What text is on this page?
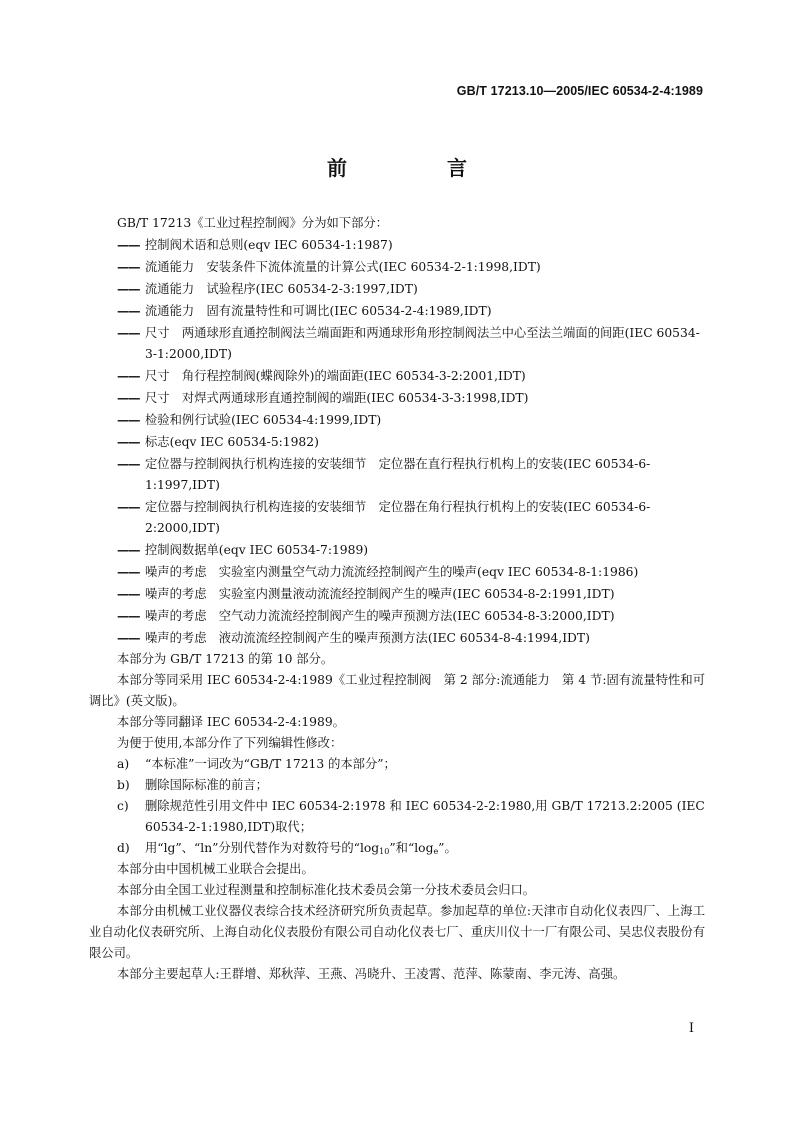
GB/T 17213.10—2005/IEC 60534-2-4:1989
前　言
GB/T 17213《工业过程控制阀》分为如下部分：
—— 控制阀术语和总则(eqv IEC 60534-1:1987)
—— 流通能力　安装条件下流体流量的计算公式(IEC 60534-2-1:1998,IDT)
—— 流通能力　试验程序(IEC 60534-2-3:1997,IDT)
—— 流通能力　固有流量特性和可调比(IEC 60534-2-4:1989,IDT)
—— 尺寸　两通球形直通控制阀法兰端面距和两通球形角形控制阀法兰中心至法兰端面的间距(IEC 60534-3-1:2000,IDT)
—— 尺寸　角行程控制阀(蝶阀除外)的端面距(IEC 60534-3-2:2001,IDT)
—— 尺寸　对焊式两通球形直通控制阀的端距(IEC 60534-3-3:1998,IDT)
—— 检验和例行试验(IEC 60534-4:1999,IDT)
—— 标志(eqv IEC 60534-5:1982)
—— 定位器与控制阀执行机构连接的安装细节　定位器在直行程执行机构上的安装(IEC 60534-6-1:1997,IDT)
—— 定位器与控制阀执行机构连接的安装细节　定位器在角行程执行机构上的安装(IEC 60534-6-2:2000,IDT)
—— 控制阀数据单(eqv IEC 60534-7:1989)
—— 噪声的考虑　实验室内测量空气动力流流经控制阀产生的噪声(eqv IEC 60534-8-1:1986)
—— 噪声的考虑　实验室内测量液动流流经控制阀产生的噪声(IEC 60534-8-2:1991,IDT)
—— 噪声的考虑　空气动力流流经控制阀产生的噪声预测方法(IEC 60534-8-3:2000,IDT)
—— 噪声的考虑　液动流流经控制阀产生的噪声预测方法(IEC 60534-8-4:1994,IDT)
本部分为 GB/T 17213 的第 10 部分。
本部分等同采用 IEC 60534-2-4:1989《工业过程控制阀　第 2 部分:流通能力　第 4 节:固有流量特性和可调比》(英文版)。
本部分等同翻译 IEC 60534-2-4:1989。
为便于使用,本部分作了下列编辑性修改：
a) “本标准”一词改为“GB/T 17213 的本部分”；
b) 删除国际标准的前言；
c) 删除规范性引用文件中 IEC 60534-2:1978 和 IEC 60534-2-2:1980,用 GB/T 17213.2:2005 (IEC 60534-2-1:1980,IDT)取代；
d) 用“lg”、“ln”分别代替作为对数符号的“$\log_{10}$”和“$\log_e$”。
本部分由中国机械工业联合会提出。
本部分由全国工业过程测量和控制标准化技术委员会第一分技术委员会归口。
本部分由机械工业仪器仪表综合技术经济研究所负责起草。参加起草的单位:天津市自动化仪表四厂、上海工业自动化仪表研究所、上海自动化仪表股份有限公司自动化仪表七厂、重庆川仪十一厂有限公司、吴忠仪表股份有限公司。
本部分主要起草人:王群增、郑秋萍、王燕、冯晓升、王凌霄、范萍、陈蒙南、李元涛、高强。
I
